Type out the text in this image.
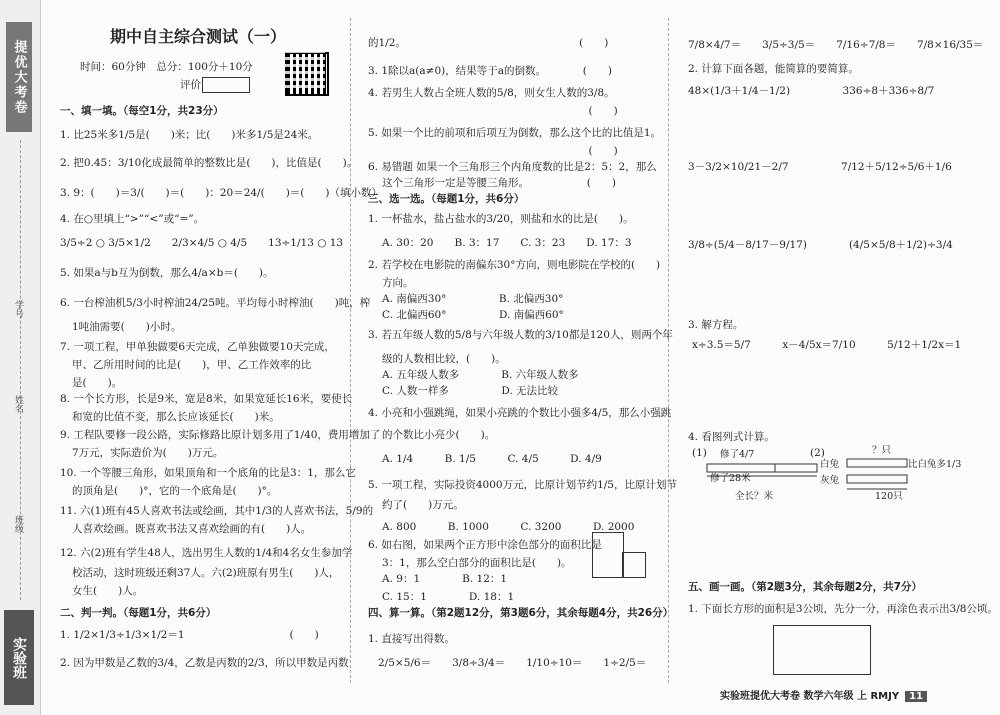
提优大考卷
学号
姓名
班级
实验班
期中自主综合测试（一）
时间：60分钟　总分：100分＋10分
评价
一、填一填。（每空1分，共23分）
1. 比25米多1/5是(　　)米；比(　　)米多1/5是24米。
2. 把0.45：3/10化成最简单的整数比是(　　)，比值是(　　)。
3. 9：(　　)＝3/(　　)＝(　　)：20＝24/(　　)＝(　　)（填小数）
4. 在○里填上“>”“<”或“=”。
3/5÷2 ○ 3/5×1/2　　2/3×4/5 ○ 4/5　　13÷1/13 ○ 13
5. 如果a与b互为倒数，那么4/a×b＝(　　)。
6. 一台榨油机5/3小时榨油24/25吨。平均每小时榨油(　　)吨，榨
1吨油需要(　　)小时。
7. 一项工程，甲单独做要6天完成，乙单独做要10天完成，
甲、乙所用时间的比是(　　)，甲、乙工作效率的比
是(　　)。
8. 一个长方形，长是9米，宽是8米，如果宽延长16米，要使长
和宽的比值不变，那么长应该延长(　　)米。
9. 工程队要修一段公路，实际修路比原计划多用了1/40，费用增加了
7万元，实际造价为(　　)万元。
10. 一个等腰三角形，如果顶角和一个底角的比是3：1，那么它
的顶角是(　　)°，它的一个底角是(　　)°。
11. 六(1)班有45人喜欢书法或绘画，其中1/3的人喜欢书法，5/9的
人喜欢绘画。既喜欢书法又喜欢绘画的有(　　)人。
12. 六(2)班有学生48人，选出男生人数的1/4和4名女生参加学
校活动，这时班级还剩37人。六(2)班原有男生(　　)人，
女生(　　)人。
二、判一判。（每题1分，共6分）
1. 1/2×1/3÷1/3×1/2＝1　　　　　　　　　　(　　)
2. 因为甲数是乙数的3/4，乙数是丙数的2/3，所以甲数是丙数
的1/2。　　　　　　　　　　　　　　　　　(　　)
3. 1除以a(a≠0)，结果等于a的倒数。　　　　(　　)
4. 若男生人数占全班人数的5/8，则女生人数的3/8。
　　　　　　　　　　　　　　　　　　　　　(　　)
5. 如果一个比的前项和后项互为倒数，那么这个比的比值是1。
　　　　　　　　　　　　　　　　　　　　　(　　)
6. 易错题 如果一个三角形三个内角度数的比是2：5：2，那么
这个三角形一定是等腰三角形。　　　　　　(　　)
三、选一选。（每题1分，共6分）
1. 一杯盐水，盐占盐水的3/20，则盐和水的比是(　　)。
A. 30：20　　B. 3：17　　C. 3：23　　D. 17：3
2. 若学校在电影院的南偏东30°方向，则电影院在学校的(　　)
方向。
A. 南偏西30°　　　　　B. 北偏西30°
C. 北偏西60°　　　　　D. 南偏西60°
3. 若五年级人数的5/8与六年级人数的3/10都是120人，则两个年
级的人数相比较，(　　)。
A. 五年级人数多　　　　B. 六年级人数多
C. 人数一样多　　　　　D. 无法比较
4. 小亮和小强跳绳，如果小亮跳的个数比小强多4/5，那么小强跳
的个数比小亮少(　　)。
A. 1/4　　　B. 1/5　　　C. 4/5　　　D. 4/9
5. 一项工程，实际投资4000万元，比原计划节约1/5，比原计划节
约了(　　)万元。
A. 800　　　B. 1000　　　C. 3200　　　D. 2000
6. 如右图，如果两个正方形中涂色部分的面积比是
3：1，那么空白部分的面积比是(　　)。
A. 9：1　　　　B. 12：1
C. 15：1　　　　D. 18：1
四、算一算。（第2题12分，第3题6分，其余每题4分，共26分）
1. 直接写出得数。
2/5×5/6＝　　3/8÷3/4＝　　1/10÷10＝　　1÷2/5＝
7/8×4/7＝　　3/5÷3/5＝　　7/16÷7/8＝　　7/8×16/35＝
2. 计算下面各题，能简算的要简算。
48×(1/3＋1/4－1/2)　　　　　336÷8＋336÷8/7
3－3/2×10/21－2/7　　　　　7/12＋5/12÷5/6＋1/6
3/8÷(5/4－8/17－9/17)　　　　(4/5×5/8＋1/2)÷3/4
3. 解方程。
x÷3.5＝5/7　　　x－4/5x＝7/10　　　5/12＋1/2x＝1
4. 看图列式计算。
五、画一画。（第2题3分，其余每题2分，共7分）
1. 下面长方形的面积是3公顷，先分一分，再涂色表示出3/8公顷。
(1) 修了4/7
修了28米
全长？米
(2)	？只
白兔
灰兔
比白兔多1/3
120只
实验班提优大考卷 数学六年级 上 RMJY 11
